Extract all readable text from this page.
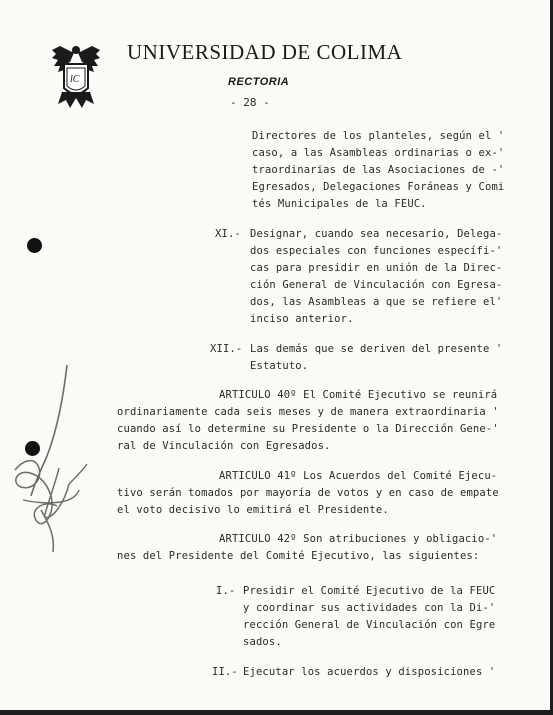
lC
UNIVERSIDAD DE COLIMA
RECTORIA
- 28 -
Directores de los planteles, según el '
caso, a las Asambleas ordinarias o ex-'
traordinarias de las Asociaciones de -'
Egresados, Delegaciones Foráneas y Comi
tés Municipales de la FEUC.
XI.- Designar, cuando sea necesario, Delega-
dos especiales con funciones específi-'
cas para presidir en unión de la Direc-
ción General de Vinculación con Egresa-
dos, las Asambleas a que se refiere el'
inciso anterior.
XII.- Las demás que se deriven del presente '
Estatuto.
ARTICULO 40º El Comité Ejecutivo se reunirá
ordinariamente cada seis meses y de manera extraordinaria '
cuando así lo determine su Presidente o la Dirección Gene-'
ral de Vinculación con Egresados.
ARTICULO 41º Los Acuerdos del Comité Ejecu-
tivo serán tomados por mayoría de votos y en caso de empate
el voto decisivo lo emitirá el Presidente.
ARTICULO 42º Son atribuciones y obligacio-'
nes del Presidente del Comité Ejecutivo, las siguientes:
I.- Presidir el Comité Ejecutivo de la FEUC
y coordinar sus actividades con la Di-'
rección General de Vinculación con Egre
sados.
II.- Ejecutar los acuerdos y disposiciones '
